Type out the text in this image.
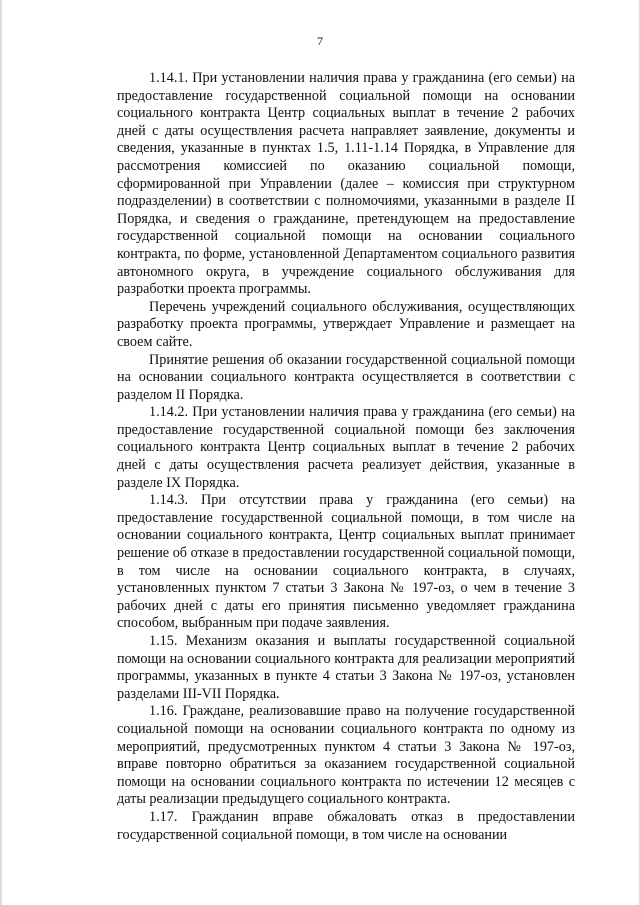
7

1.14.1. При установлении наличия права у гражданина (его семьи) на предоставление государственной социальной помощи на основании социального контракта Центр социальных выплат в течение 2 рабочих дней с даты осуществления расчета направляет заявление, документы и сведения, указанные в пунктах 1.5, 1.11-1.14 Порядка, в Управление для рассмотрения комиссией по оказанию социальной помощи, сформированной при Управлении (далее – комиссия при структурном подразделении) в соответствии с полномочиями, указанными в разделе II Порядка, и сведения о гражданине, претендующем на предоставление государственной социальной помощи на основании социального контракта, по форме, установленной Департаментом социального развития автономного округа, в учреждение социального обслуживания для разработки проекта программы.

Перечень учреждений социального обслуживания, осуществляющих разработку проекта программы, утверждает Управление и размещает на своем сайте.

Принятие решения об оказании государственной социальной помощи на основании социального контракта осуществляется в соответствии с разделом II Порядка.

1.14.2. При установлении наличия права у гражданина (его семьи) на предоставление государственной социальной помощи без заключения социального контракта Центр социальных выплат в течение 2 рабочих дней с даты осуществления расчета реализует действия, указанные в разделе IX Порядка.

1.14.3. При отсутствии права у гражданина (его семьи) на предоставление государственной социальной помощи, в том числе на основании социального контракта, Центр социальных выплат принимает решение об отказе в предоставлении государственной социальной помощи, в том числе на основании социального контракта, в случаях, установленных пунктом 7 статьи 3 Закона № 197-оз, о чем в течение 3 рабочих дней с даты его принятия письменно уведомляет гражданина способом, выбранным при подаче заявления.

1.15. Механизм оказания и выплаты государственной социальной помощи на основании социального контракта для реализации мероприятий программы, указанных в пункте 4 статьи 3 Закона № 197-оз, установлен разделами III-VII Порядка.

1.16. Граждане, реализовавшие право на получение государственной социальной помощи на основании социального контракта по одному из мероприятий, предусмотренных пунктом 4 статьи 3 Закона № 197-оз, вправе повторно обратиться за оказанием государственной социальной помощи на основании социального контракта по истечении 12 месяцев с даты реализации предыдущего социального контракта.

1.17. Гражданин вправе обжаловать отказ в предоставлении государственной социальной помощи, в том числе на основании
